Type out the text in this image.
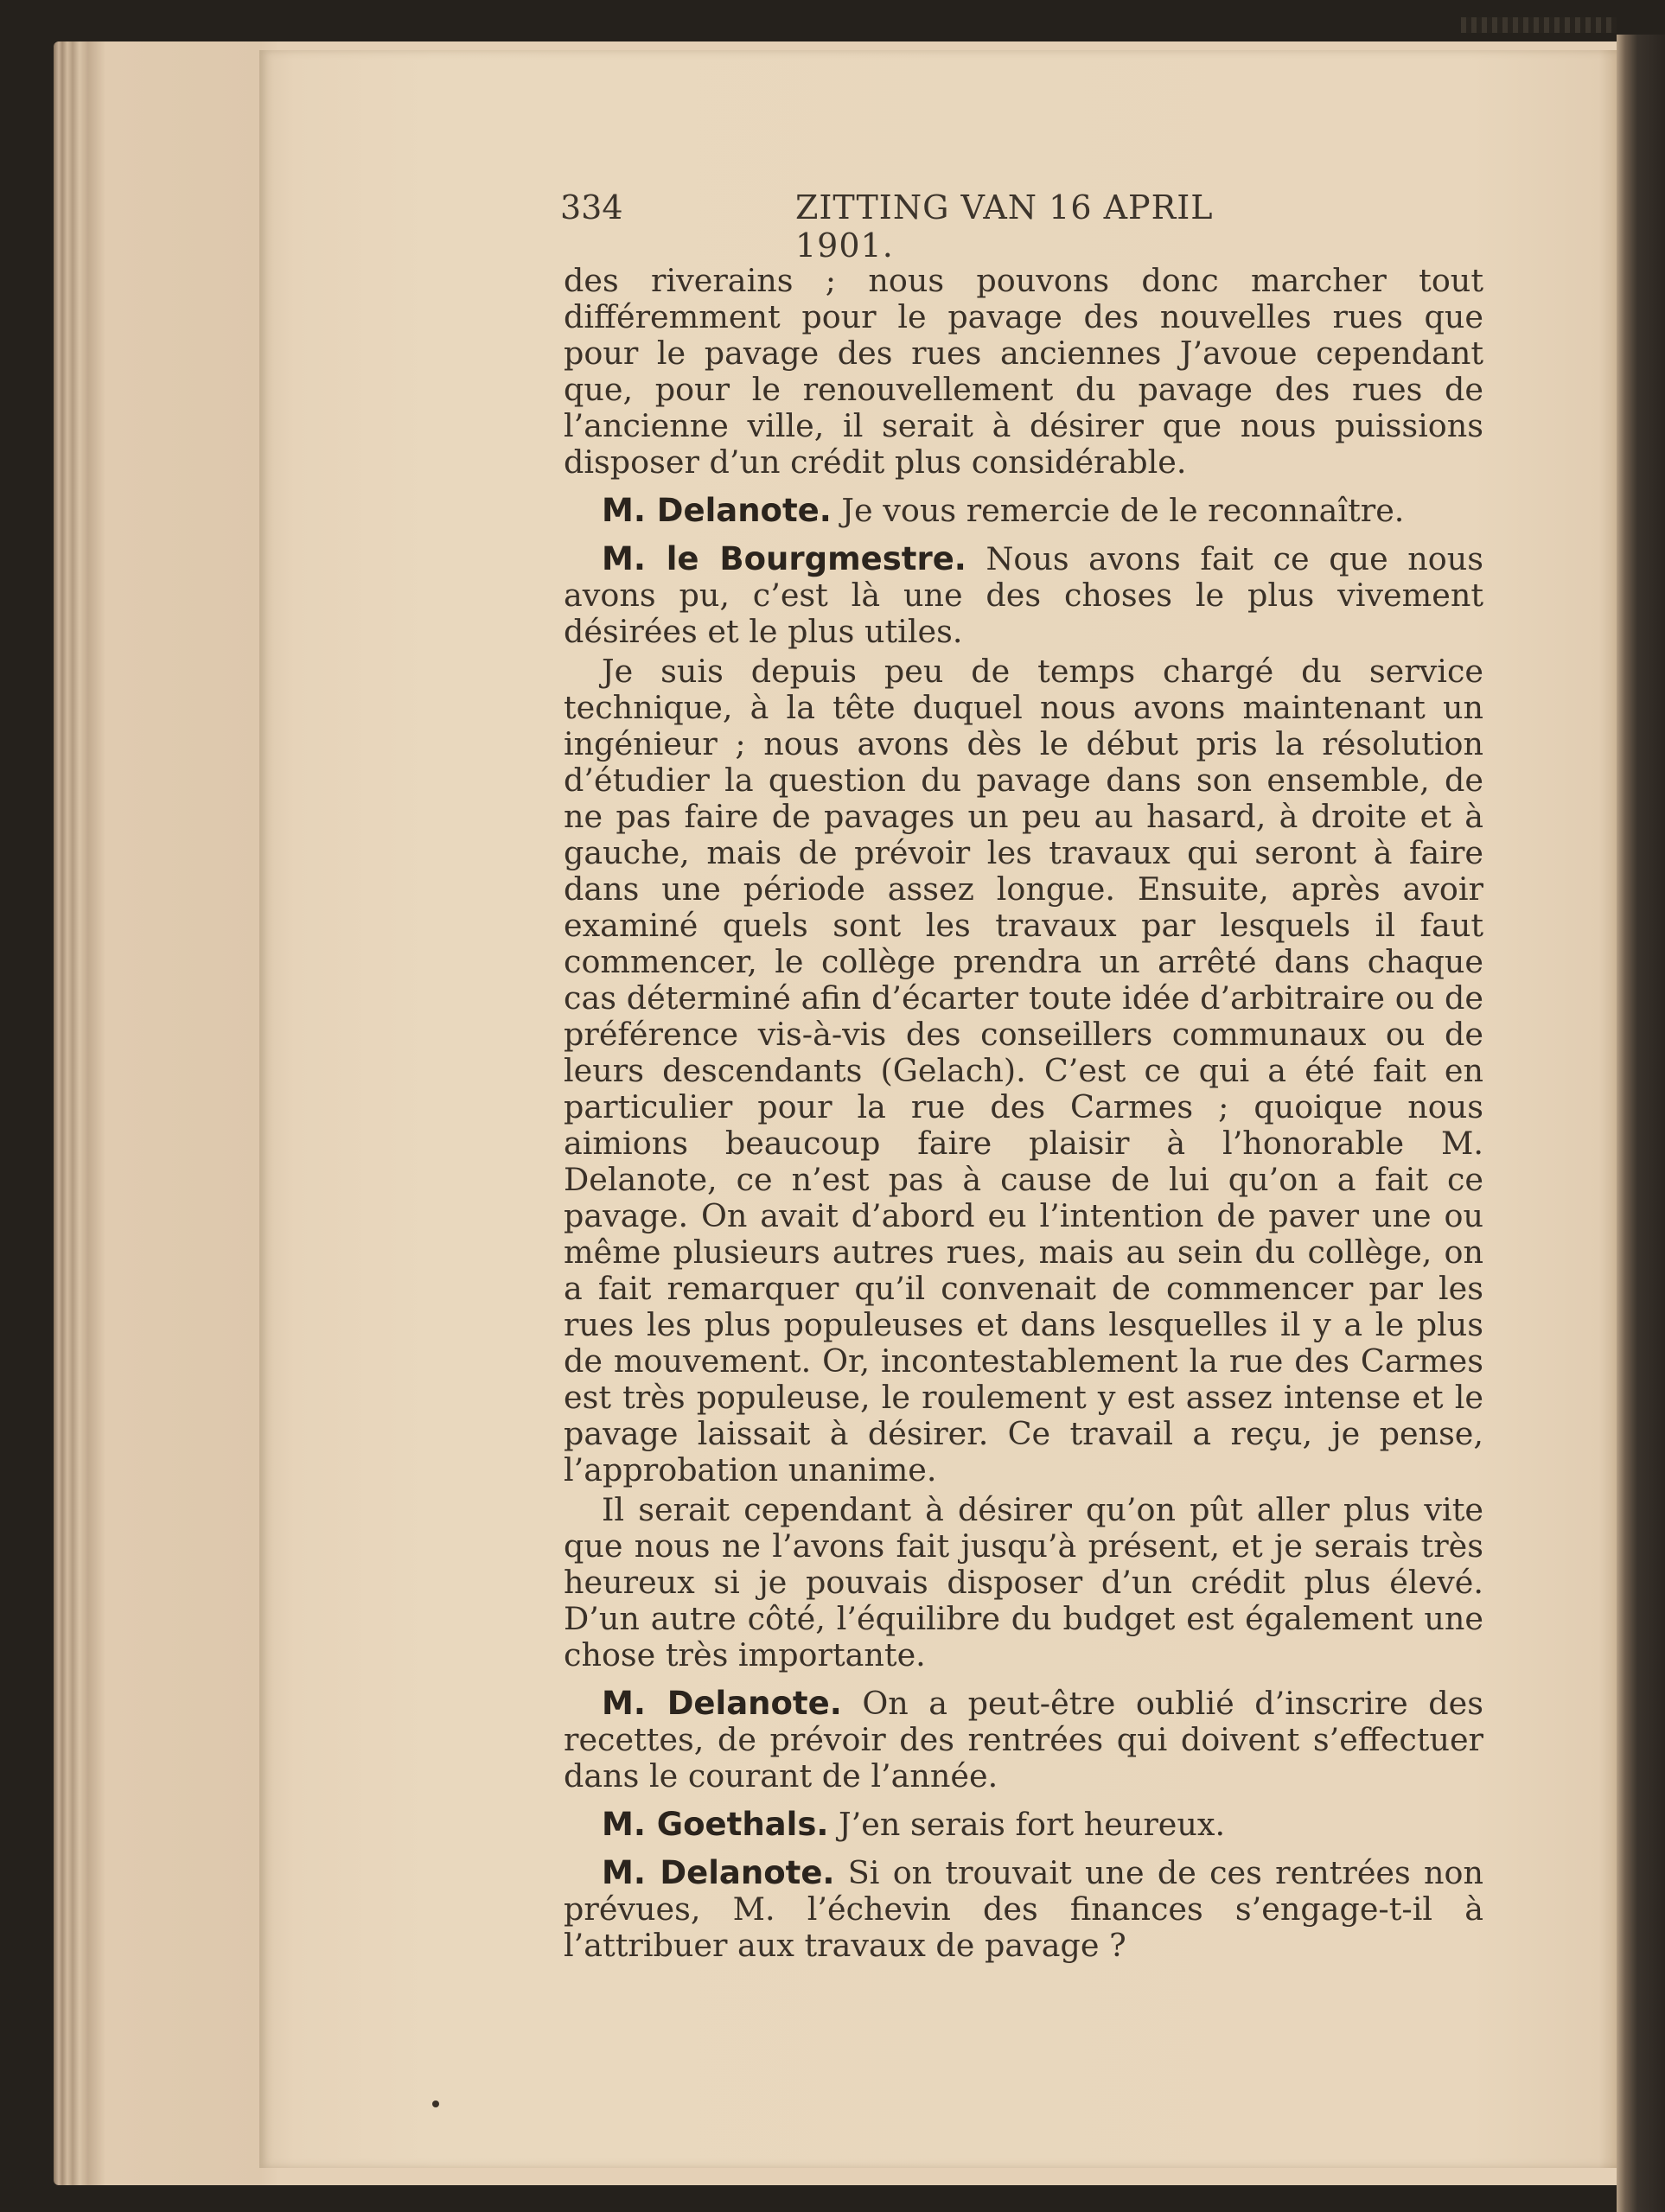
334	ZITTING VAN 16 APRIL 1901.

des riverains ; nous pouvons donc marcher tout différemment pour le pavage des nouvelles rues que pour le pavage des rues anciennes J’avoue cependant que, pour le renouvellement du pavage des rues de l’ancienne ville, il serait à désirer que nous puissions disposer d’un crédit plus considérable.

M. Delanote. Je vous remercie de le reconnaître.

M. le Bourgmestre. Nous avons fait ce que nous avons pu, c’est là une des choses le plus vivement désirées et le plus utiles.

Je suis depuis peu de temps chargé du service technique, à la tête duquel nous avons maintenant un ingénieur ; nous avons dès le début pris la résolution d’étudier la question du pavage dans son ensemble, de ne pas faire de pavages un peu au hasard, à droite et à gauche, mais de prévoir les travaux qui seront à faire dans une période assez longue. Ensuite, après avoir examiné quels sont les travaux par lesquels il faut commencer, le collège prendra un arrêté dans chaque cas déterminé afin d’écarter toute idée d’arbitraire ou de préférence vis-à-vis des conseillers communaux ou de leurs descendants (Gelach). C’est ce qui a été fait en particulier pour la rue des Carmes ; quoique nous aimions beaucoup faire plaisir à l’honorable M. Delanote, ce n’est pas à cause de lui qu’on a fait ce pavage. On avait d’abord eu l’intention de paver une ou même plusieurs autres rues, mais au sein du collège, on a fait remarquer qu’il convenait de commencer par les rues les plus populeuses et dans lesquelles il y a le plus de mouvement. Or, incontestablement la rue des Carmes est très populeuse, le roulement y est assez intense et le pavage laissait à désirer. Ce travail a reçu, je pense, l’approbation unanime.

Il serait cependant à désirer qu’on pût aller plus vite que nous ne l’avons fait jusqu’à présent, et je serais très heureux si je pouvais disposer d’un crédit plus élevé. D’un autre côté, l’équilibre du budget est également une chose très importante.

M. Delanote. On a peut-être oublié d’inscrire des recettes, de prévoir des rentrées qui doivent s’effectuer dans le courant de l’année.

M. Goethals. J’en serais fort heureux.

M. Delanote. Si on trouvait une de ces rentrées non prévues, M. l’échevin des finances s’engage-t-il à l’attribuer aux travaux de pavage ?
